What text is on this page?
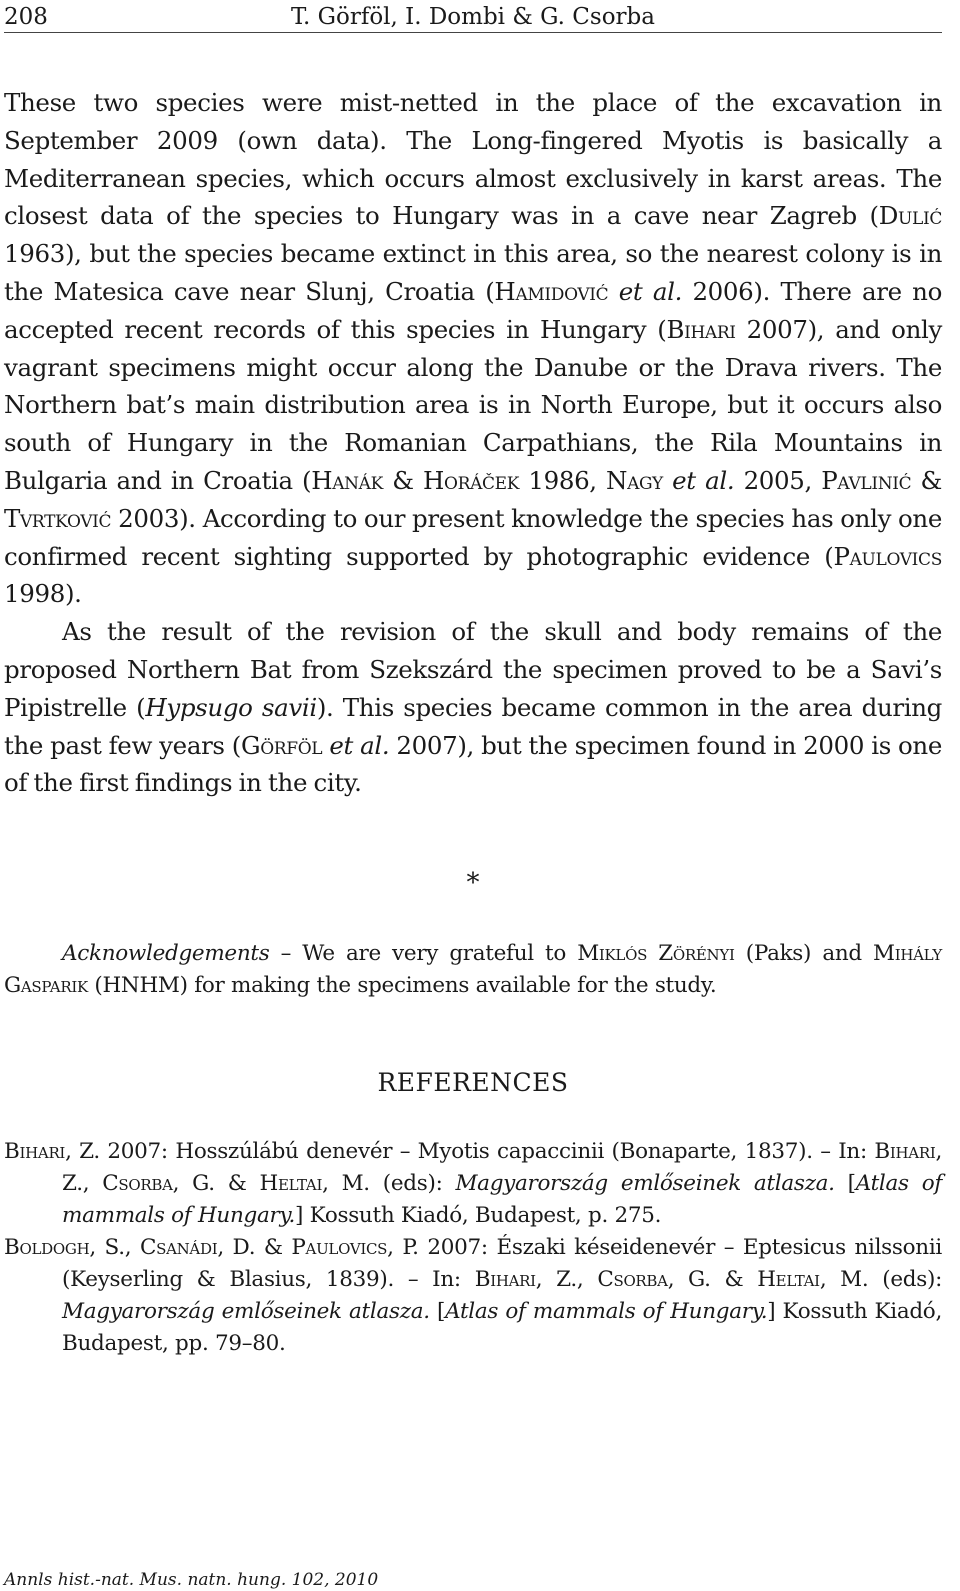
208	T. Görföl, I. Dombi & G. Csorba

These two species were mist-netted in the place of the excavation in September 2009 (own data). The Long-fingered Myotis is basically a Mediterranean species, which occurs almost exclusively in karst areas. The closest data of the species to Hungary was in a cave near Zagreb (Dulić 1963), but the species became extinct in this area, so the nearest colony is in the Matesica cave near Slunj, Croatia (Hamidović et al. 2006). There are no accepted recent records of this species in Hungary (Bihari 2007), and only vagrant specimens might occur along the Danube or the Drava rivers. The Northern bat’s main distribution area is in North Europe, but it occurs also south of Hungary in the Romanian Carpathians, the Rila Mountains in Bulgaria and in Croatia (Hanák & Horáček 1986, Nagy et al. 2005, Pavlinić & Tvrtković 2003). According to our present knowledge the species has only one confirmed recent sighting supported by photographic evidence (Paulovics 1998).

As the result of the revision of the skull and body remains of the proposed Northern Bat from Szekszárd the specimen proved to be a Savi’s Pipistrelle (Hypsugo savii). This species became common in the area during the past few years (Görföl et al. 2007), but the specimen found in 2000 is one of the first findings in the city.

*

Acknowledgements – We are very grateful to Miklós Zörényi (Paks) and Mihály Gasparik (HNHM) for making the specimens available for the study.

REFERENCES

Bihari, Z. 2007: Hosszúlábú denevér – Myotis capaccinii (Bonaparte, 1837). – In: Bihari, Z., Csorba, G. & Heltai, M. (eds): Magyarország emlőseinek atlasza. [Atlas of mammals of Hungary.] Kossuth Kiadó, Budapest, p. 275.

Boldogh, S., Csanádi, D. & Paulovics, P. 2007: Északi késeidenevér – Eptesicus nilssonii (Keyserling & Blasius, 1839). – In: Bihari, Z., Csorba, G. & Heltai, M. (eds): Magyarország emlőseinek atlasza. [Atlas of mammals of Hungary.] Kossuth Kiadó, Budapest, pp. 79–80.

Annls hist.-nat. Mus. natn. hung. 102, 2010
